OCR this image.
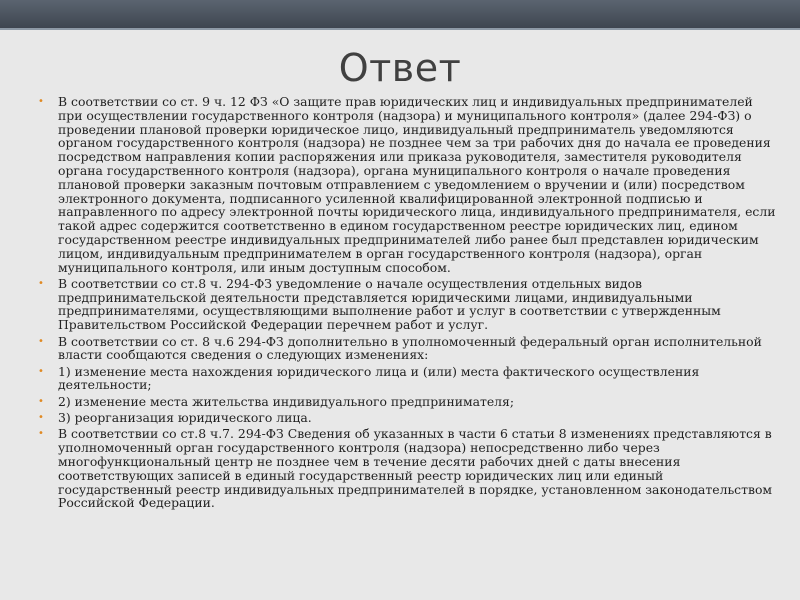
Ответ
• В соответствии со ст. 9 ч. 12 ФЗ «О защите прав юридических лиц и индивидуальных предпринимателей при осуществлении государственного контроля (надзора) и муниципального контроля» (далее 294-ФЗ) о проведении плановой проверки юридическое лицо, индивидуальный предприниматель уведомляются органом государственного контроля (надзора) не позднее чем за три рабочих дня до начала ее проведения посредством направления копии распоряжения или приказа руководителя, заместителя руководителя органа государственного контроля (надзора), органа муниципального контроля о начале проведения плановой проверки заказным почтовым отправлением с уведомлением о вручении и (или) посредством электронного документа, подписанного усиленной квалифицированной электронной подписью и направленного по адресу электронной почты юридического лица, индивидуального предпринимателя, если такой адрес содержится соответственно в едином государственном реестре юридических лиц, едином государственном реестре индивидуальных предпринимателей либо ранее был представлен юридическим лицом, индивидуальным предпринимателем в орган государственного контроля (надзора), орган муниципального контроля, или иным доступным способом.
• В соответствии со ст.8 ч. 294-ФЗ уведомление о начале осуществления отдельных видов предпринимательской деятельности представляется юридическими лицами, индивидуальными предпринимателями, осуществляющими выполнение работ и услуг в соответствии с утвержденным Правительством Российской Федерации перечнем работ и услуг.
• В соответствии со ст. 8 ч.6 294-ФЗ дополнительно в уполномоченный федеральный орган исполнительной власти сообщаются сведения о следующих изменениях:
• 1) изменение места нахождения юридического лица и (или) места фактического осуществления деятельности;
• 2) изменение места жительства индивидуального предпринимателя;
• 3) реорганизация юридического лица.
• В соответствии со ст.8 ч.7. 294-ФЗ Сведения об указанных в части 6 статьи 8 изменениях представляются в уполномоченный орган государственного контроля (надзора) непосредственно либо через многофункциональный центр не позднее чем в течение десяти рабочих дней с даты внесения соответствующих записей в единый государственный реестр юридических лиц или единый государственный реестр индивидуальных предпринимателей в порядке, установленном законодательством Российской Федерации.
